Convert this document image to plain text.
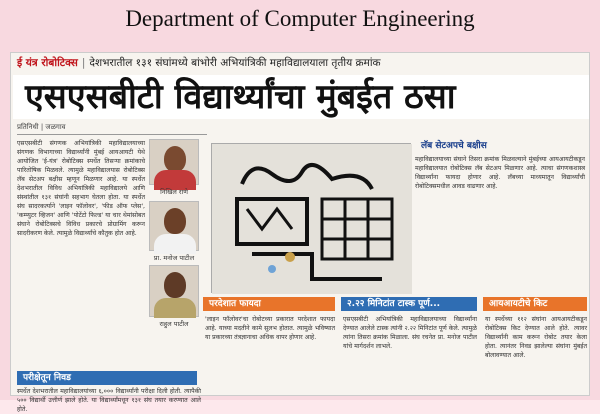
Department of Computer Engineering
ई यंत्र रोबोटिक्स | देशभरातील १३१ संघांमध्ये बांभोरी अभियांत्रिकी महाविद्यालयाला तृतीय क्रमांक
एसएसबीटी विद्यार्थ्यांचा मुंबईत ठसा
प्रतिनिधी | जळगाव
एसएसबीटी संगणक अभियांत्रिकी महाविद्यालयाच्या संगणक विभागाच्या विद्यार्थ्यांनी मुंबई आयआयटी येथे आयोजित 'ई-यंत्र' रोबोटिक्स स्पर्धेत तिसऱ्या क्रमांकाचे पारितोषिक मिळवले. त्यामुळे महाविद्यालयास रोबोटिक्स लॅब सेटअप बक्षीस म्हणून मिळणार आहे. या स्पर्धेत देशभरातील विविध अभियांत्रिकी महाविद्यालये आणि संस्थांतील १३१ संघांनी सहभाग घेतला होता. या स्पर्धेत संघ सादरकर्त्याने 'लाइन फॉलोवर', 'फीड ऑफ प्लेस', 'कम्प्युटर व्हिजन' आणि 'पोटेंटो फिल्ड' या चार थेमांसोबत संघाने रोबोटिक्सचे विविध प्रकारचे प्रोग्रामिंग करून सादरीकरण केले. त्यामुळे विद्यार्थ्यांचे कौतुक होत आहे.
निखिल राणे
प्रा. मनोज पाटील
राहुल पाटील
लॅब सेटअपचे बक्षीस
महाविद्यालयाच्या संघाने तिसरा क्रमांक मिळवल्याने मुंबईच्या आयआयटीकडून महाविद्यालयात रोबोटिक्स लॅब सेटअप मिळणार आहे. त्याचा संगणकशास्त्र विद्यार्थ्यांना फायदा होणार आहे. लॅबच्या माध्यमातून विद्यार्थ्यांची रोबोटिक्समधील आवड वाढणार आहे.
परदेशात फायदा
'लाइन फॉलोवर'चा रोबोटच्या प्रकारात परदेशात फायदा आहे. याच्या मदतीने कामे सुलभ होतात. त्यामुळे भविष्यात या प्रकारच्या तंत्रज्ञानाचा अधिक वापर होणार आहे.
२.२२ मिनिटांत टास्क पूर्ण...
एसएसबीटी अभियांत्रिकी महाविद्यालयाच्या विद्यार्थ्यांना देण्यात आलेले टास्क त्यांनी २.२२ मिनिटांत पूर्ण केले. त्यामुळे त्यांना तिसरा क्रमांक मिळाला. संघ रचनेत प्रा. मनोज पाटील यांचे मार्गदर्शन लाभले.
आयआयटीचे किट
या स्पर्धेच्या ११२ संघांना आयआयटीकडून रोबोटिक्स किट देण्यात आले होते. त्यावर विद्यार्थ्यांनी काम करून रोबोट तयार केला होता. त्यानंतर निवड झालेल्या संघांना मुंबईत बोलावण्यात आले.
परीक्षेतून निवड
स्पर्धेत देशभरातील महाविद्यालयांच्या ६,००० विद्यार्थ्यांनी परीक्षा दिली होती. त्यापैकी ५०० विद्यार्थी उत्तीर्ण झाले होते. या विद्यार्थ्यांमधून १३१ संघ तयार करण्यात आले होते.
